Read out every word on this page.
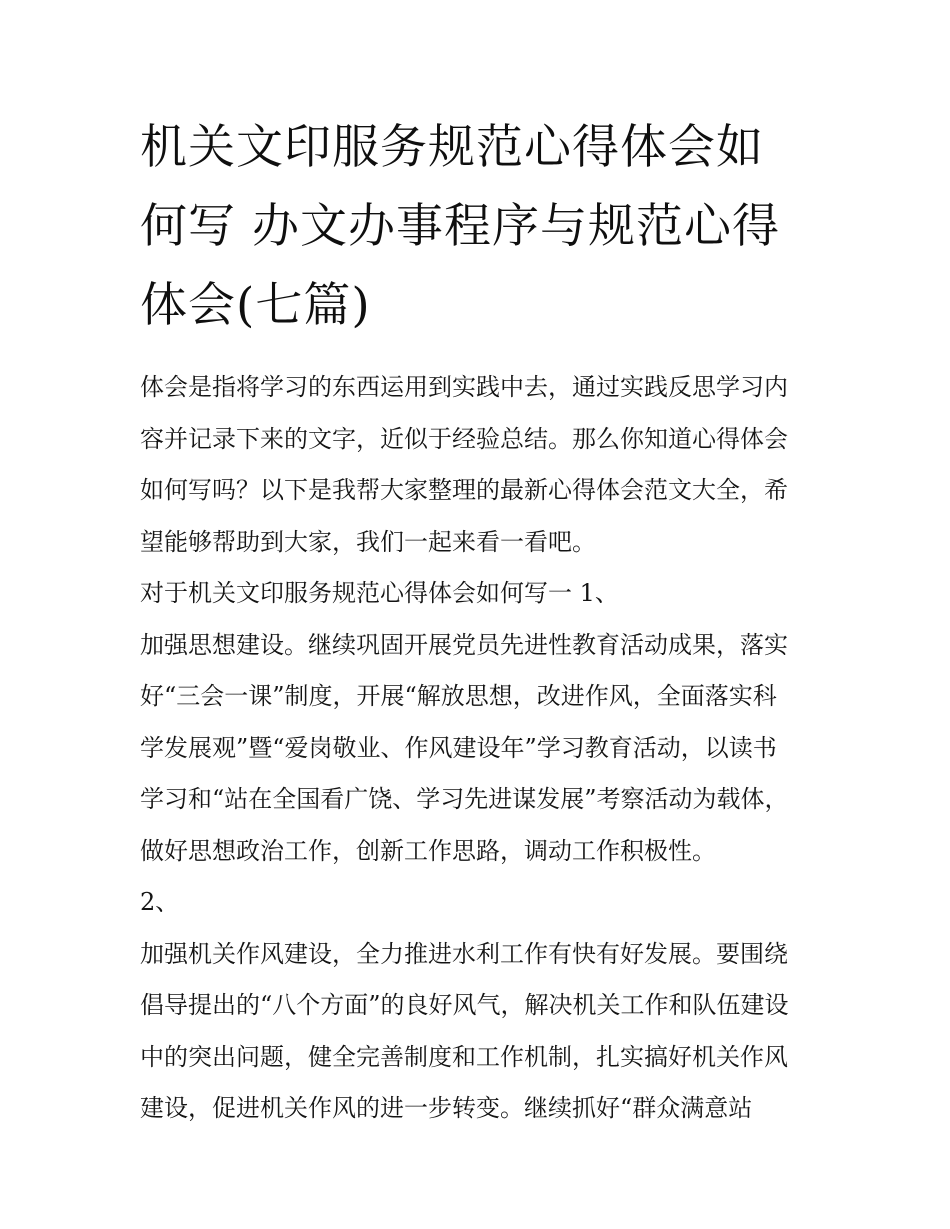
机关文印服务规范心得体会如
何写 办文办事程序与规范心得
体会(七篇)
体会是指将学习的东西运用到实践中去，通过实践反思学习内
容并记录下来的文字，近似于经验总结。那么你知道心得体会
如何写吗？以下是我帮大家整理的最新心得体会范文大全，希
望能够帮助到大家，我们一起来看一看吧。
对于机关文印服务规范心得体会如何写一 1、
加强思想建设。继续巩固开展党员先进性教育活动成果，落实
好“三会一课”制度，开展“解放思想，改进作风，全面落实科
学发展观”暨“爱岗敬业、作风建设年”学习教育活动，以读书
学习和“站在全国看广饶、学习先进谋发展”考察活动为载体，
做好思想政治工作，创新工作思路，调动工作积极性。
2、
加强机关作风建设，全力推进水利工作有快有好发展。要围绕
倡导提出的“八个方面”的良好风气，解决机关工作和队伍建设
中的突出问题，健全完善制度和工作机制，扎实搞好机关作风
建设，促进机关作风的进一步转变。继续抓好“群众满意站
